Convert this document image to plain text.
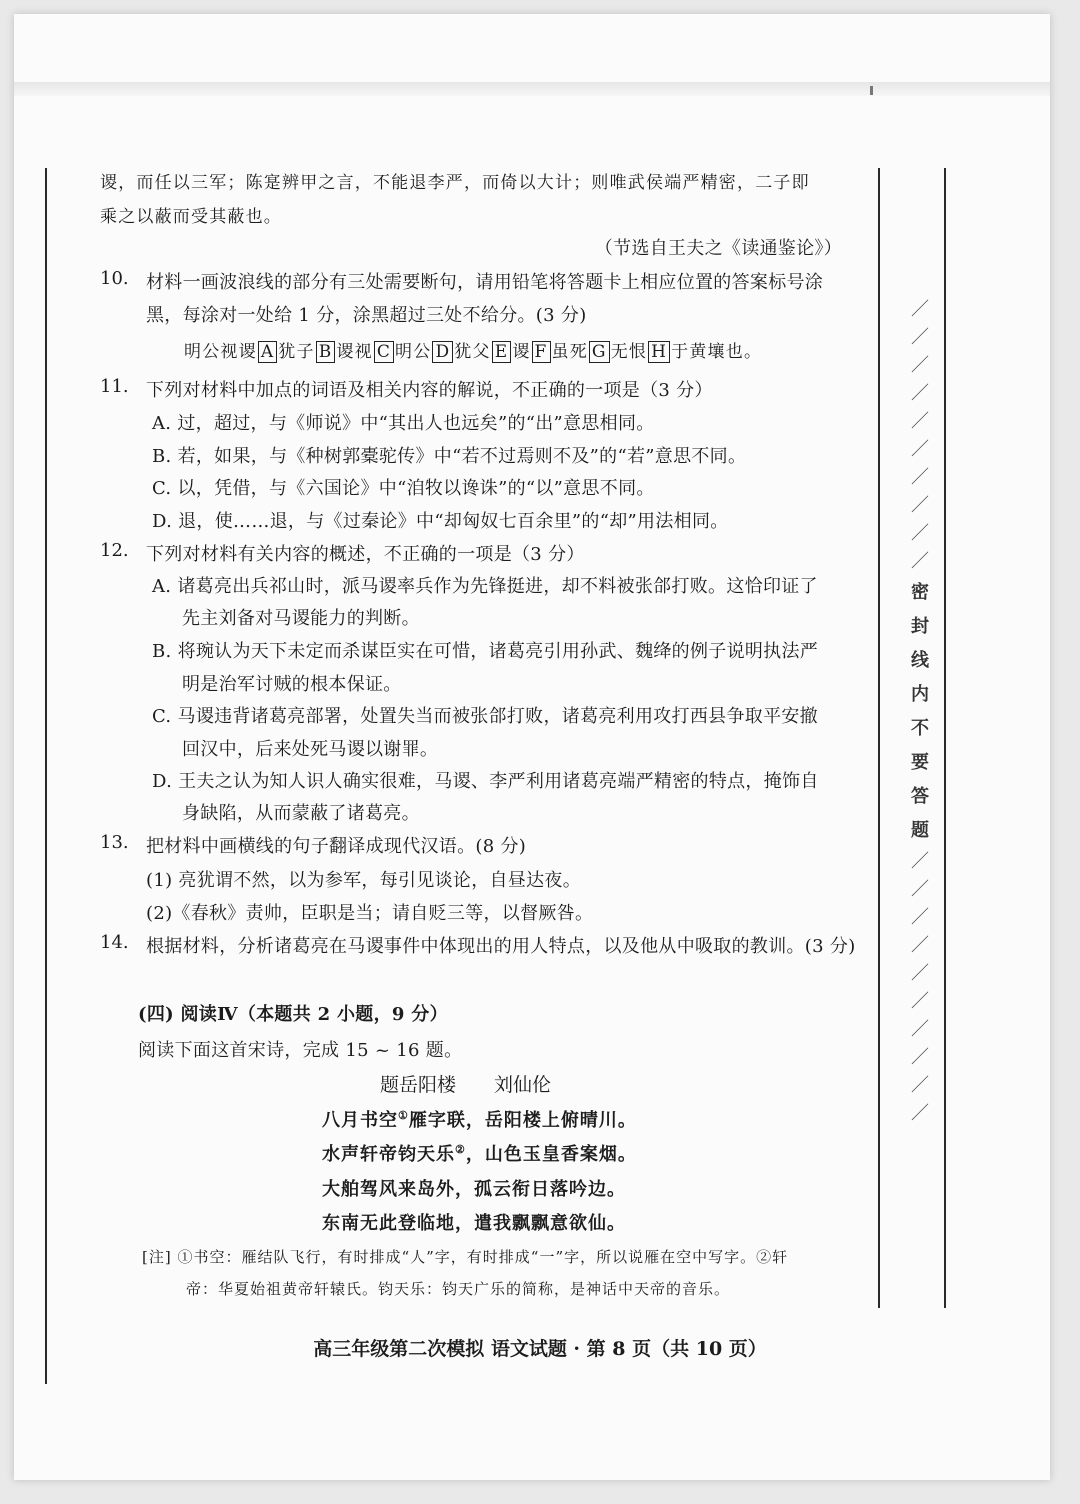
／
／
／
／
／
／
／
／
／
／
密
封
线
内
不
要
答
题
／
／
／
／
／
／
／
／
／
／
谡，而任以三军；陈寔辨甲之言，不能退李严，而倚以大计；则唯武侯端严精密，二子即
乘之以蔽而受其蔽也。
（节选自王夫之《读通鉴论》）
10. 材料一画波浪线的部分有三处需要断句，请用铅笔将答题卡上相应位置的答案标号涂
黑，每涂对一处给 1 分，涂黑超过三处不给分。(3 分)
明公视谡 A 犹子 B 谡视 C 明公 D 犹父 E 谡 F 虽死 G 无恨 H 于黄壤也。
11. 下列对材料中加点的词语及相关内容的解说，不正确的一项是（3 分）
A. 过，超过，与《师说》中“其出人也远矣”的“出”意思相同。
B. 若，如果，与《种树郭橐驼传》中“若不过焉则不及”的“若”意思不同。
C. 以，凭借，与《六国论》中“洎牧以谗诛”的“以”意思不同。
D. 退，使……退，与《过秦论》中“却匈奴七百余里”的“却”用法相同。
12. 下列对材料有关内容的概述，不正确的一项是（3 分）
A. 诸葛亮出兵祁山时，派马谡率兵作为先锋挺进，却不料被张郃打败。这恰印证了
先主刘备对马谡能力的判断。
B. 将琬认为天下未定而杀谋臣实在可惜，诸葛亮引用孙武、魏绛的例子说明执法严
明是治军讨贼的根本保证。
C. 马谡违背诸葛亮部署，处置失当而被张郃打败，诸葛亮利用攻打西县争取平安撤
回汉中，后来处死马谡以谢罪。
D. 王夫之认为知人识人确实很难，马谡、李严利用诸葛亮端严精密的特点，掩饰自
身缺陷，从而蒙蔽了诸葛亮。
13. 把材料中画横线的句子翻译成现代汉语。(8 分)
(1) 亮犹谓不然，以为参军，每引见谈论，自昼达夜。
(2)《春秋》责帅，臣职是当；请自贬三等，以督厥咎。
14. 根据材料，分析诸葛亮在马谡事件中体现出的用人特点，以及他从中吸取的教训。(3 分)
(四) 阅读Ⅳ（本题共 2 小题，9 分）
阅读下面这首宋诗，完成 15 ~ 16 题。
题岳阳楼 刘仙伦
八月书空①雁字联，岳阳楼上俯晴川。
水声轩帝钧天乐②，山色玉皇香案烟。
大舶驾风来岛外，孤云衔日落吟边。
东南无此登临地，遣我飘飘意欲仙。
[注] ①书空：雁结队飞行，有时排成“人”字，有时排成“一”字，所以说雁在空中写字。②轩
帝：华夏始祖黄帝轩辕氏。钧天乐：钧天广乐的简称，是神话中天帝的音乐。
高三年级第二次模拟 语文试题 · 第 8 页（共 10 页）
